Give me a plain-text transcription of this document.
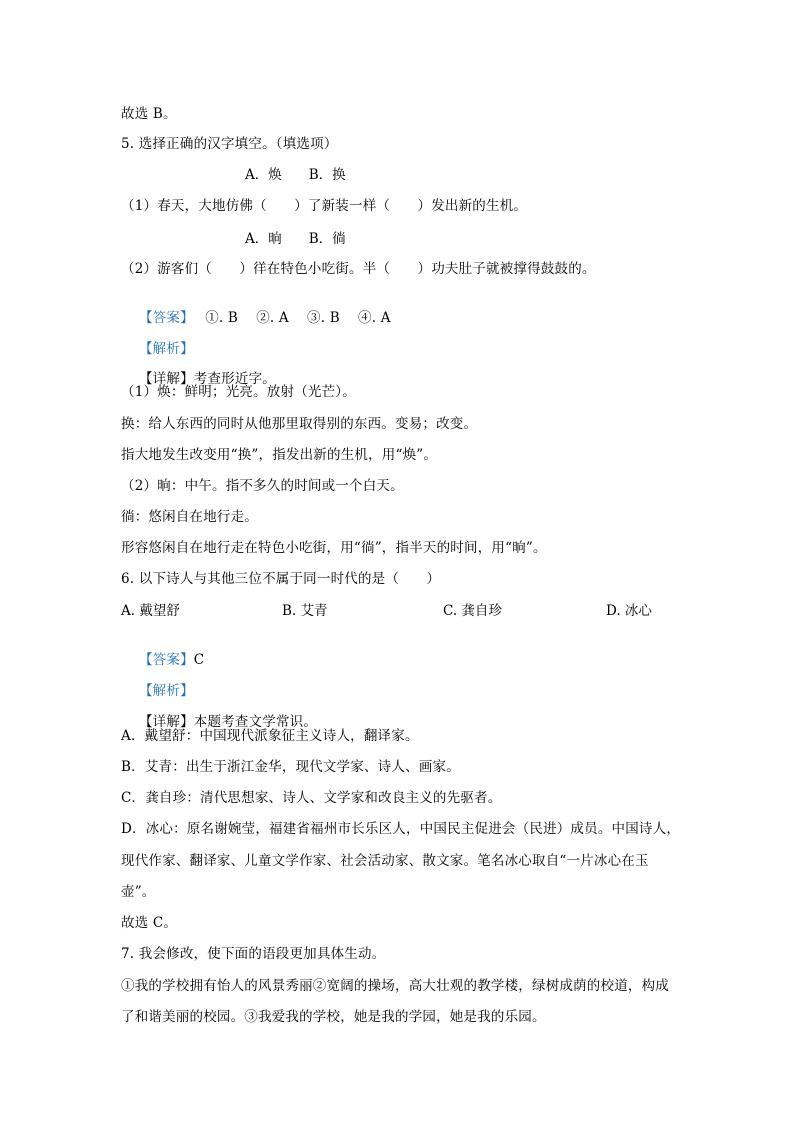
故选 B。
5. 选择正确的汉字填空。（填选项）
A．焕　　B．换
（1）春天，大地仿佛（　　）了新装一样（　　）发出新的生机。
A．晌　　B．徜
（2）游客们（　　）徉在特色小吃街。半（　　）功夫肚子就被撑得鼓鼓的。

【答案】　 ①. B　 ②. A　 ③. B　 ④. A

【解析】

【详解】考查形近字。

（1）焕：鲜明；光亮。放射（光芒）。
换：给人东西的同时从他那里取得别的东西。变易；改变。
指大地发生改变用“换”，指发出新的生机，用“焕”。
（2）晌：中午。指不多久的时间或一个白天。
徜：悠闲自在地行走。
形容悠闲自在地行走在特色小吃街，用“徜”，指半天的时间，用“晌”。
6. 以下诗人与其他三位不属于同一时代的是（　　）
A. 戴望舒	B. 艾青	C. 龚自珍	D. 冰心

【答案】C

【解析】

【详解】本题考查文学常识。

A．戴望舒：中国现代派象征主义诗人，翻译家。
B．艾青：出生于浙江金华，现代文学家、诗人、画家。
C．龚自珍：清代思想家、诗人、文学家和改良主义的先驱者。
D．冰心：原名谢婉莹，福建省福州市长乐区人，中国民主促进会（民进）成员。中国诗人，
现代作家、翻译家、儿童文学作家、社会活动家、散文家。笔名冰心取自“一片冰心在玉
壶”。
故选 C。
7. 我会修改，使下面的语段更加具体生动。
①我的学校拥有怡人的风景秀丽②宽阔的操场，高大壮观的教学楼，绿树成荫的校道，构成
了和谐美丽的校园。③我爱我的学校，她是我的学园，她是我的乐园。
